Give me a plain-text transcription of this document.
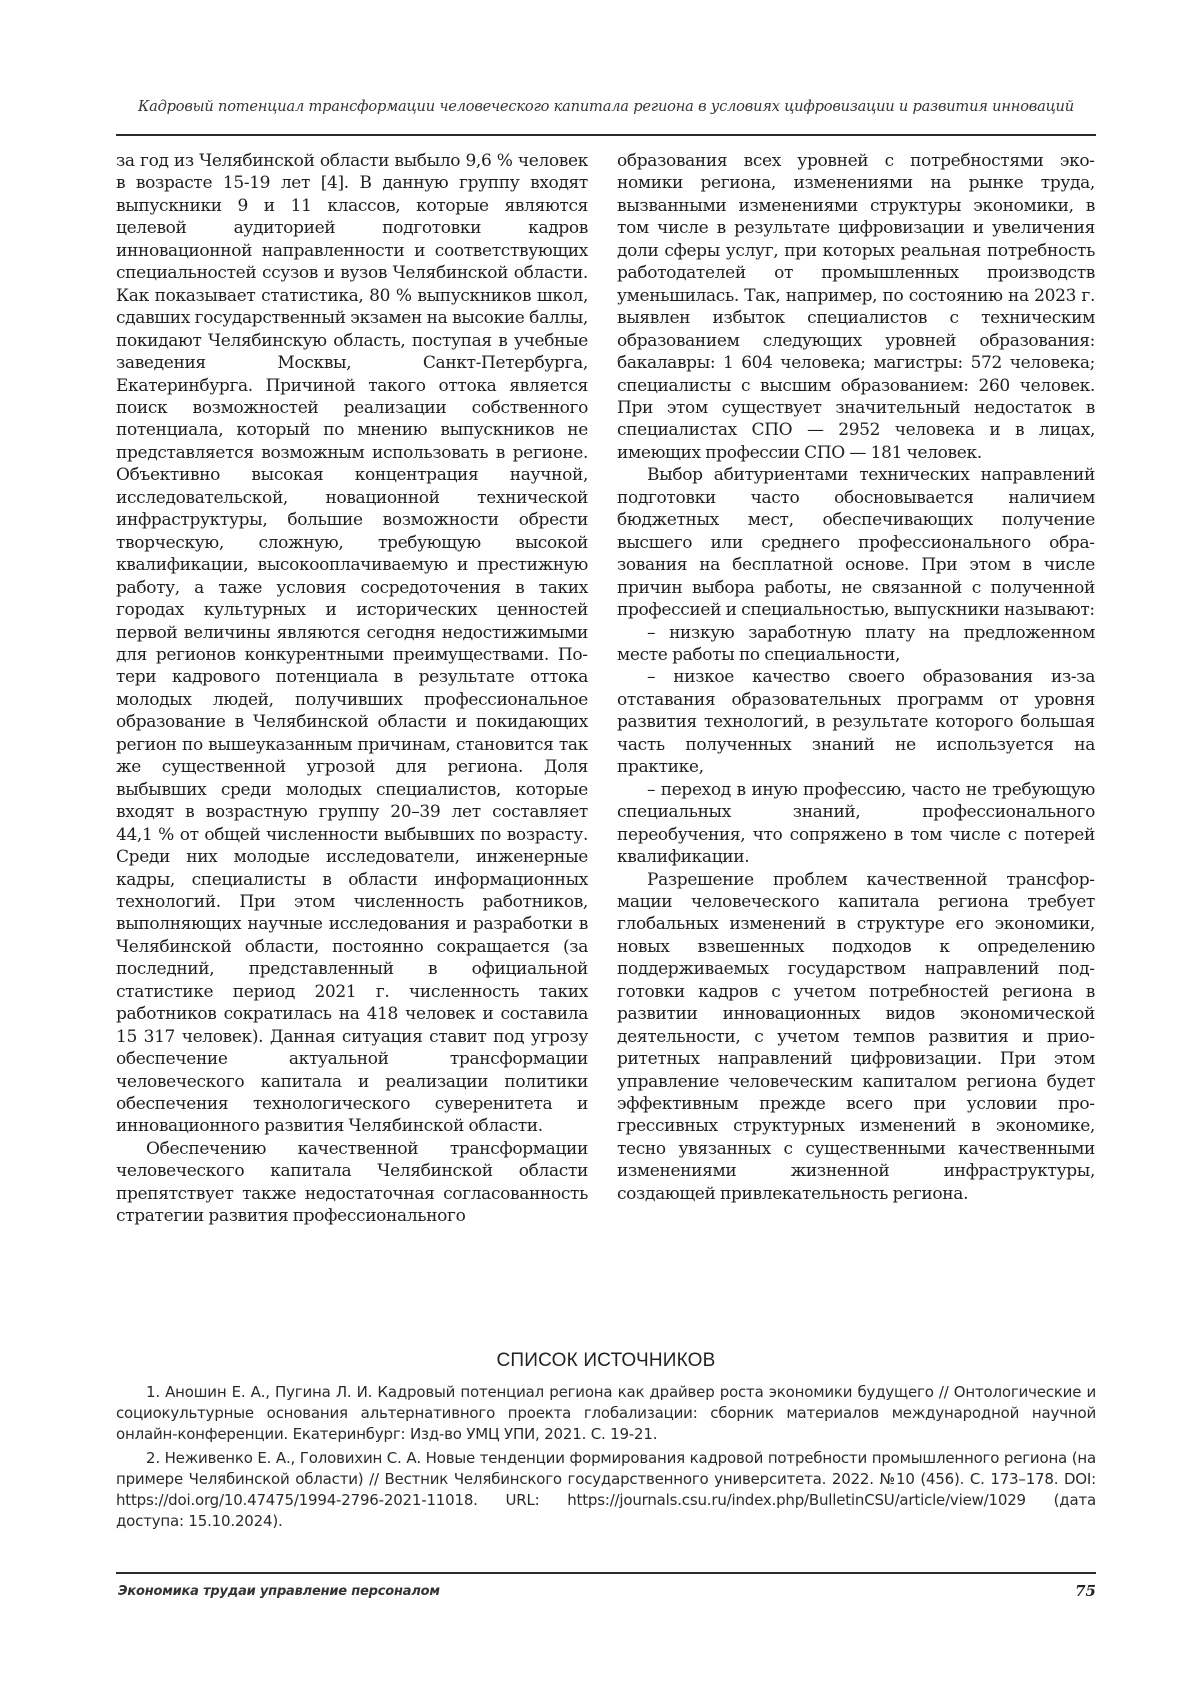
Кадровый потенциал трансформации человеческого капитала региона в условиях цифровизации и развития инноваций

за год из Челябинской области выбыло 9,6 % человек в возрасте 15-19 лет [4]. В данную группу входят выпускники 9 и 11 классов, которые являются целевой аудиторией подготовки кадров инновационной направленности и соответствующих специальностей ссузов и вузов Челябинской области. Как показывает статистика, 80 % выпускников школ, сдавших государственный экзамен на высокие баллы, покидают Челябинскую область, поступая в учебные заведения Москвы, Санкт-Петербурга, Екатеринбурга. Причиной такого оттока является поиск возможностей реализации собственного потенциала, который по мнению выпускников не представляется возможным использовать в регионе. Объективно высокая концентрация научной, исследовательской, новационной технической инфраструктуры, большие возможности обрести творческую, сложную, требующую высокой квалификации, высокооплачиваемую и престижную работу, а таже условия сосредоточения в таких городах культурных и исторических ценностей первой величины являются сегодня недостижимыми для регионов конкурентными преимуществами. Потери кадрового потенциала в результате оттока молодых людей, получивших профессиональное образование в Челябинской области и покидающих регион по вышеуказанным причинам, становится так же существенной угрозой для региона. Доля выбывших среди молодых специалистов, которые входят в возрастную группу 20–39 лет составляет 44,1 % от общей численности выбывших по возрасту. Среди них молодые исследователи, инженерные кадры, специалисты в области информационных технологий. При этом численность работников, выполняющих научные исследования и разработки в Челябинской области, постоянно сокращается (за последний, представленный в официальной статистике период 2021 г. численность таких работников сократилась на 418 человек и составила 15 317 человек). Данная ситуация ставит под угрозу обеспечение актуальной трансформации человеческого капитала и реализации политики обеспечения технологического суверенитета и инновационного развития Челябинской области.

Обеспечению качественной трансформации человеческого капитала Челябинской области препятствует также недостаточная согласованность стратегии развития профессионального

образования всех уровней с потребностями экономики региона, изменениями на рынке труда, вызванными изменениями структуры экономики, в том числе в результате цифровизации и увеличения доли сферы услуг, при которых реальная потребность работодателей от промышленных производств уменьшилась. Так, например, по состоянию на 2023 г. выявлен избыток специалистов с техническим образованием следующих уровней образования: бакалавры: 1 604 человека; магистры: 572 человека; специалисты с высшим образованием: 260 человек. При этом существует значительный недостаток в специалистах СПО — 2952 человека и в лицах, имеющих профессии СПО — 181 человек.

Выбор абитуриентами технических направлений подготовки часто обосновывается наличием бюджетных мест, обеспечивающих получение высшего или среднего профессионального образования на бесплатной основе. При этом в числе причин выбора работы, не связанной с полученной профессией и специальностью, выпускники называют:

– низкую заработную плату на предложенном месте работы по специальности,

– низкое качество своего образования из-за отставания образовательных программ от уровня развития технологий, в результате которого большая часть полученных знаний не используется на практике,

– переход в иную профессию, часто не требующую специальных знаний, профессионального переобучения, что сопряжено в том числе с потерей квалификации.

Разрешение проблем качественной трансформации человеческого капитала региона требует глобальных изменений в структуре его экономики, новых взвешенных подходов к определению поддерживаемых государством направлений подготовки кадров с учетом потребностей региона в развитии инновационных видов экономической деятельности, с учетом темпов развития и приоритетных направлений цифровизации. При этом управление человеческим капиталом региона будет эффективным прежде всего при условии прогрессивных структурных изменений в экономике, тесно увязанных с существенными качественными изменениями жизненной инфраструктуры, создающей привлекательность региона.

СПИСОК ИСТОЧНИКОВ

1. Аношин Е. А., Пугина Л. И. Кадровый потенциал региона как драйвер роста экономики будущего // Онтологические и социокультурные основания альтернативного проекта глобализации: сборник материалов международной научной онлайн-конференции. Екатеринбург: Изд-во УМЦ УПИ, 2021. С. 19-21.

2. Неживенко Е. А., Головихин С. А. Новые тенденции формирования кадровой потребности промышленного региона (на примере Челябинской области) // Вестник Челябинского государственного университета. 2022. №10 (456). С. 173–178. DOI: https://doi.org/10.47475/1994-2796-2021-11018. URL: https://journals.csu.ru/index.php/BulletinCSU/article/view/1029 (дата доступа: 15.10.2024).

Экономика трудаи управление персоналом	75
